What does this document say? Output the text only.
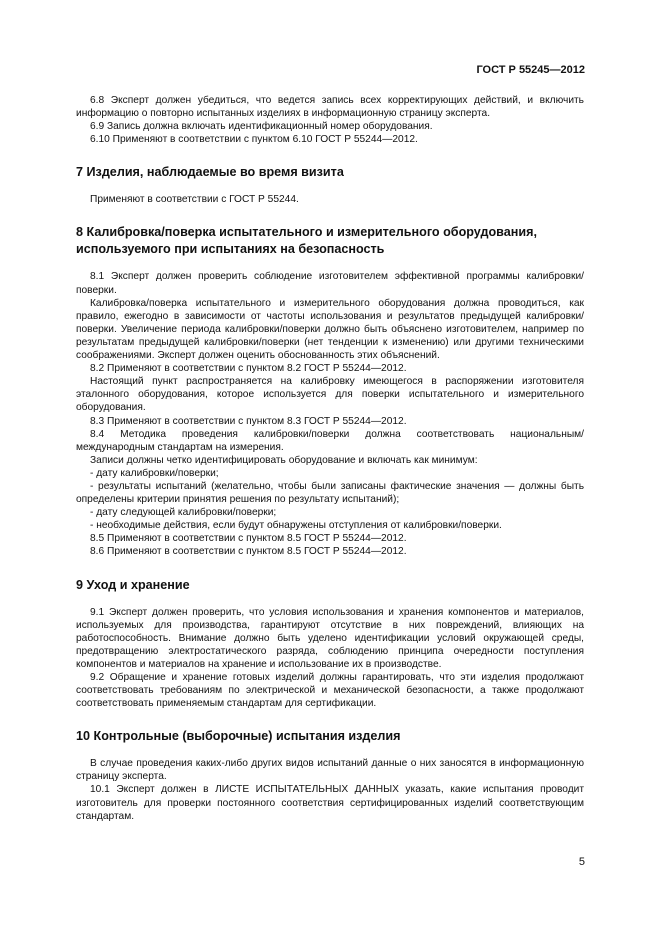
ГОСТ Р 55245—2012

6.8 Эксперт должен убедиться, что ведется запись всех корректирующих действий, и включить информацию о повторно испытанных изделиях в информационную страницу эксперта.

6.9 Запись должна включать идентификационный номер оборудования.

6.10 Применяют в соответствии с пунктом 6.10 ГОСТ Р 55244—2012.

7 Изделия, наблюдаемые во время визита

Применяют в соответствии с ГОСТ Р 55244.

8 Калибровка/поверка испытательного и измерительного оборудования, используемого при испытаниях на безопасность

8.1 Эксперт должен проверить соблюдение изготовителем эффективной программы калибровки/поверки.

Калибровка/поверка испытательного и измерительного оборудования должна проводиться, как правило, ежегодно в зависимости от частоты использования и результатов предыдущей калибровки/поверки. Увеличение периода калибровки/поверки должно быть объяснено изготовителем, например по результатам предыдущей калибровки/поверки (нет тенденции к изменению) или другими техническими соображениями. Эксперт должен оценить обоснованность этих объяснений.

8.2 Применяют в соответствии с пунктом 8.2 ГОСТ Р 55244—2012.

Настоящий пункт распространяется на калибровку имеющегося в распоряжении изготовителя эталонного оборудования, которое используется для поверки испытательного и измерительного оборудования.

8.3 Применяют в соответствии с пунктом 8.3 ГОСТ Р 55244—2012.

8.4 Методика проведения калибровки/поверки должна соответствовать национальным/международным стандартам на измерения.

Записи должны четко идентифицировать оборудование и включать как минимум:

- дату калибровки/поверки;

- результаты испытаний (желательно, чтобы были записаны фактические значения — должны быть определены критерии принятия решения по результату испытаний);

- дату следующей калибровки/поверки;

- необходимые действия, если будут обнаружены отступления от калибровки/поверки.

8.5 Применяют в соответствии с пунктом 8.5 ГОСТ Р 55244—2012.

8.6 Применяют в соответствии с пунктом 8.5 ГОСТ Р 55244—2012.

9 Уход и хранение

9.1 Эксперт должен проверить, что условия использования и хранения компонентов и материалов, используемых для производства, гарантируют отсутствие в них повреждений, влияющих на работоспособность. Внимание должно быть уделено идентификации условий окружающей среды, предотвращению электростатического разряда, соблюдению принципа очередности поступления компонентов и материалов на хранение и использование их в производстве.

9.2 Обращение и хранение готовых изделий должны гарантировать, что эти изделия продолжают соответствовать требованиям по электрической и механической безопасности, а также продолжают соответствовать применяемым стандартам для сертификации.

10 Контрольные (выборочные) испытания изделия

В случае проведения каких-либо других видов испытаний данные о них заносятся в информационную страницу эксперта.

10.1 Эксперт должен в ЛИСТЕ ИСПЫТАТЕЛЬНЫХ ДАННЫХ указать, какие испытания проводит изготовитель для проверки постоянного соответствия сертифицированных изделий соответствующим стандартам.

5
